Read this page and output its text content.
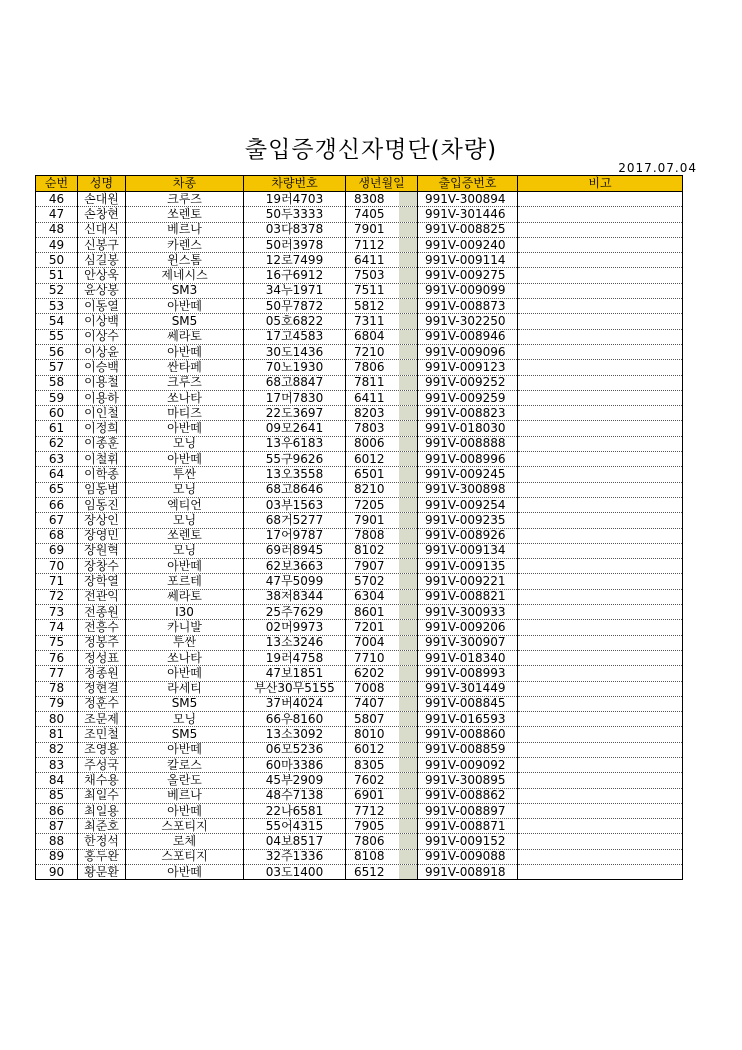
출입증갱신자명단(차량)
2017.07.04
순번	성명	차종	차량번호	생년월일	출입증번호	비고
46	손대원	크루즈	19러4703	8308	991V-300894	
47	손창현	쏘렌토	50두3333	7405	991V-301446	
48	신대식	베르나	03다8378	7901	991V-008825	
49	신봉구	카렌스	50러3978	7112	991V-009240	
50	심길봉	윈스톰	12로7499	6411	991V-009114	
51	안상욱	제네시스	16구6912	7503	991V-009275	
52	윤상봉	SM3	34누1971	7511	991V-009099	
53	이동열	아반떼	50무7872	5812	991V-008873	
54	이상백	SM5	05호6822	7311	991V-302250	
55	이상수	쎄라토	17고4583	6804	991V-008946	
56	이상윤	아반떼	30도1436	7210	991V-009096	
57	이승백	싼타페	70노1930	7806	991V-009123	
58	이용철	크루즈	68고8847	7811	991V-009252	
59	이용하	쏘나타	17머7830	6411	991V-009259	
60	이인철	마티즈	22도3697	8203	991V-008823	
61	이정희	아반떼	09모2641	7803	991V-018030	
62	이종훈	모닝	13우6183	8006	991V-008888	
63	이철휘	아반떼	55구9626	6012	991V-008996	
64	이학종	투싼	13오3558	6501	991V-009245	
65	임동범	모닝	68고8646	8210	991V-300898	
66	임동진	엑티언	03부1563	7205	991V-009254	
67	장상인	모닝	68거5277	7901	991V-009235	
68	장영민	쏘렌토	17어9787	7808	991V-008926	
69	장원혁	모닝	69러8945	8102	991V-009134	
70	장창수	아반떼	62보3663	7907	991V-009135	
71	장학열	포르테	47무5099	5702	991V-009221	
72	전관익	쎄라토	38저8344	6304	991V-008821	
73	전종원	I30	25주7629	8601	991V-300933	
74	전흥수	카니발	02머9973	7201	991V-009206	
75	정봉주	투싼	13소3246	7004	991V-300907	
76	정성표	쏘나타	19러4758	7710	991V-018340	
77	정종원	아반떼	47보1851	6202	991V-008993	
78	정현걸	라세티	부산30무5155	7008	991V-301449	
79	정훈수	SM5	37버4024	7407	991V-008845	
80	조문제	모닝	66우8160	5807	991V-016593	
81	조민철	SM5	13소3092	8010	991V-008860	
82	조영용	아반떼	06모5236	6012	991V-008859	
83	주성국	칼로스	60마3386	8305	991V-009092	
84	채수용	올란도	45부2909	7602	991V-300895	
85	최일수	베르나	48수7138	6901	991V-008862	
86	최일용	아반떼	22나6581	7712	991V-008897	
87	최준호	스포티지	55어4315	7905	991V-008871	
88	한정석	로체	04보8517	7806	991V-009152	
89	홍두완	스포티지	32주1336	8108	991V-009088	
90	황문환	아반떼	03도1400	6512	991V-008918	
